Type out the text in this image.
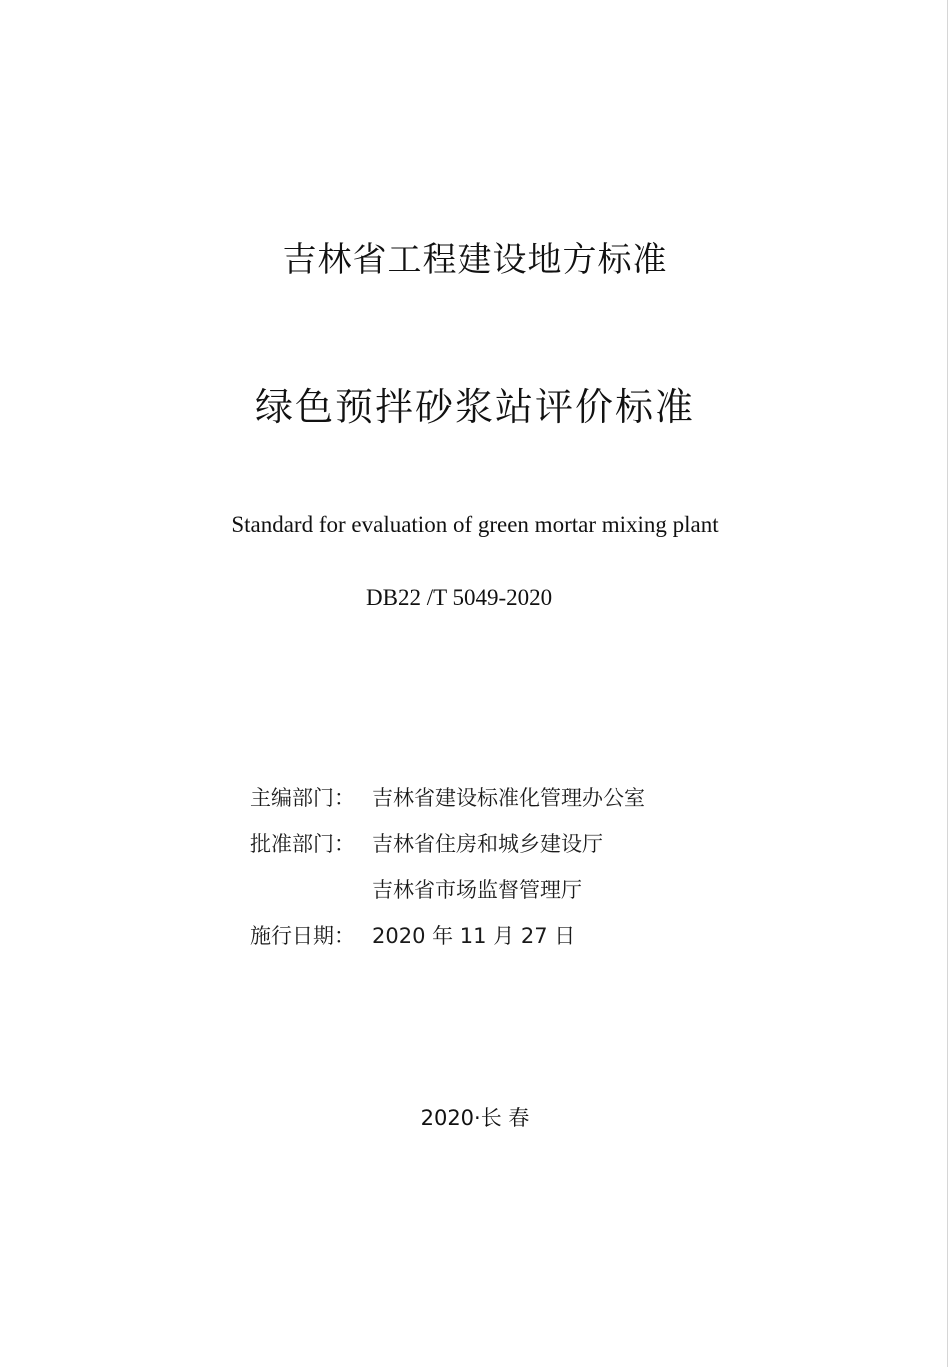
吉林省工程建设地方标准
绿色预拌砂浆站评价标准
Standard for evaluation of green mortar mixing plant
DB22 /T 5049-2020
主编部门： 吉林省建设标准化管理办公室
批准部门： 吉林省住房和城乡建设厅
吉林省市场监督管理厅
施行日期： 2020 年 11 月 27 日
2020·长 春
